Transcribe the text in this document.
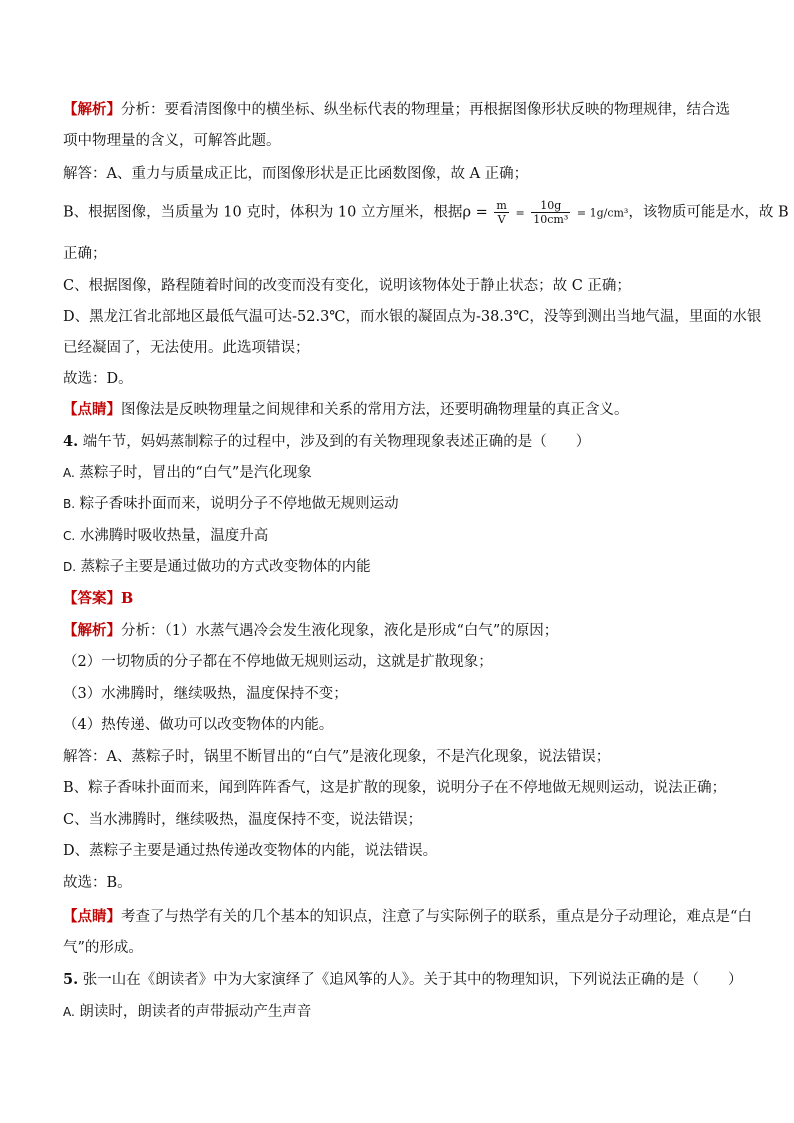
【解析】分析：要看清图像中的横坐标、纵坐标代表的物理量；再根据图像形状反映的物理规律，结合选
项中物理量的含义，可解答此题。
解答：A、重力与质量成正比，而图像形状是正比函数图像，故 A 正确；
B、根据图像，当质量为 10 克时，体积为 10 立方厘米，根据$\rho = \frac{m}{V} = \frac{10g}{\text{10cm³}} = 1g/cm^3$，该物质可能是水，故 B
正确；
C、根据图像，路程随着时间的改变而没有变化，说明该物体处于静止状态；故 C 正确；
D、黑龙江省北部地区最低气温可达-52.3℃，而水银的凝固点为-38.3℃，没等到测出当地气温，里面的水银
已经凝固了，无法使用。此选项错误；
故选：D。
【点睛】图像法是反映物理量之间规律和关系的常用方法，还要明确物理量的真正含义。
4. 端午节，妈妈蒸制粽子的过程中，涉及到的有关物理现象表述正确的是（　　）
A. 蒸粽子时，冒出的“白气”是汽化现象
B. 粽子香味扑面而来，说明分子不停地做无规则运动
C. 水沸腾时吸收热量，温度升高
D. 蒸粽子主要是通过做功的方式改变物体的内能
【答案】B
【解析】分析：（1）水蒸气遇冷会发生液化现象，液化是形成“白气”的原因；
（2）一切物质的分子都在不停地做无规则运动，这就是扩散现象；
（3）水沸腾时，继续吸热，温度保持不变；
（4）热传递、做功可以改变物体的内能。
解答：A、蒸粽子时，锅里不断冒出的“白气”是液化现象，不是汽化现象，说法错误；
B、粽子香味扑面而来，闻到阵阵香气，这是扩散的现象，说明分子在不停地做无规则运动，说法正确；
C、当水沸腾时，继续吸热，温度保持不变，说法错误；
D、蒸粽子主要是通过热传递改变物体的内能，说法错误。
故选：B。
【点睛】考查了与热学有关的几个基本的知识点，注意了与实际例子的联系，重点是分子动理论，难点是“白
气”的形成。
5. 张一山在《朗读者》中为大家演绎了《追风筝的人》。关于其中的物理知识，下列说法正确的是（　　）
A. 朗读时，朗读者的声带振动产生声音
